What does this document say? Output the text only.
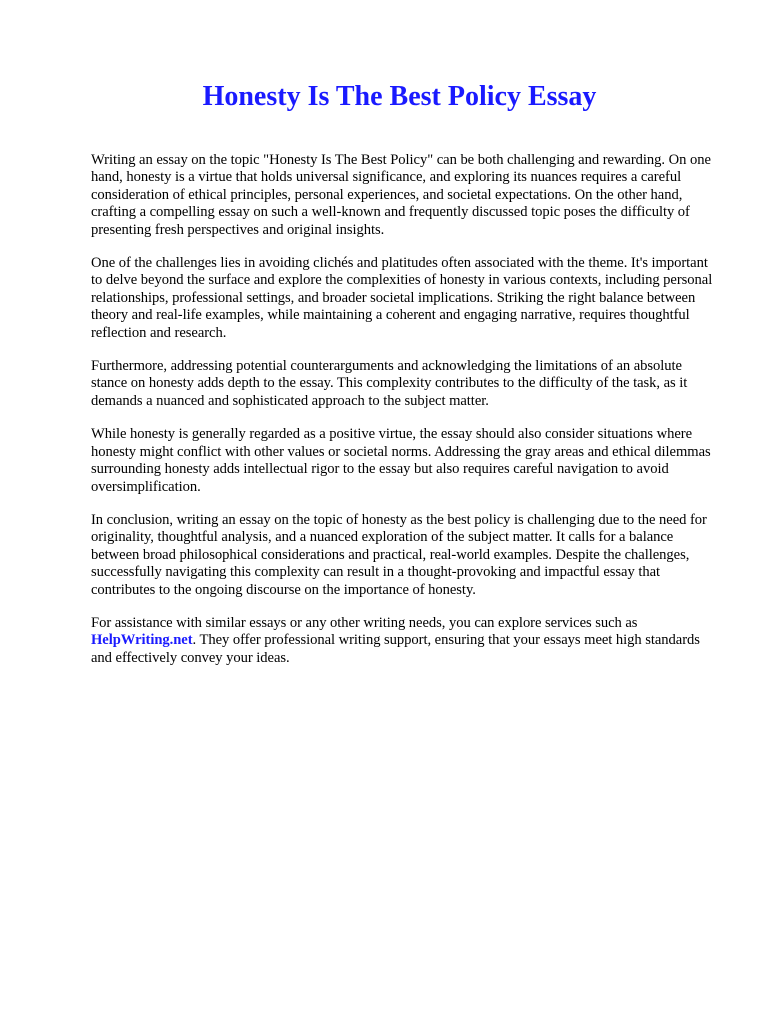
Honesty Is The Best Policy Essay

Writing an essay on the topic "Honesty Is The Best Policy" can be both challenging and rewarding. On one hand, honesty is a virtue that holds universal significance, and exploring its nuances requires a careful consideration of ethical principles, personal experiences, and societal expectations. On the other hand, crafting a compelling essay on such a well-known and frequently discussed topic poses the difficulty of presenting fresh perspectives and original insights.

One of the challenges lies in avoiding clichés and platitudes often associated with the theme. It's important to delve beyond the surface and explore the complexities of honesty in various contexts, including personal relationships, professional settings, and broader societal implications. Striking the right balance between theory and real-life examples, while maintaining a coherent and engaging narrative, requires thoughtful reflection and research.

Furthermore, addressing potential counterarguments and acknowledging the limitations of an absolute stance on honesty adds depth to the essay. This complexity contributes to the difficulty of the task, as it demands a nuanced and sophisticated approach to the subject matter.

While honesty is generally regarded as a positive virtue, the essay should also consider situations where honesty might conflict with other values or societal norms. Addressing the gray areas and ethical dilemmas surrounding honesty adds intellectual rigor to the essay but also requires careful navigation to avoid oversimplification.

In conclusion, writing an essay on the topic of honesty as the best policy is challenging due to the need for originality, thoughtful analysis, and a nuanced exploration of the subject matter. It calls for a balance between broad philosophical considerations and practical, real-world examples. Despite the challenges, successfully navigating this complexity can result in a thought-provoking and impactful essay that contributes to the ongoing discourse on the importance of honesty.

For assistance with similar essays or any other writing needs, you can explore services such as HelpWriting.net. They offer professional writing support, ensuring that your essays meet high standards and effectively convey your ideas.
